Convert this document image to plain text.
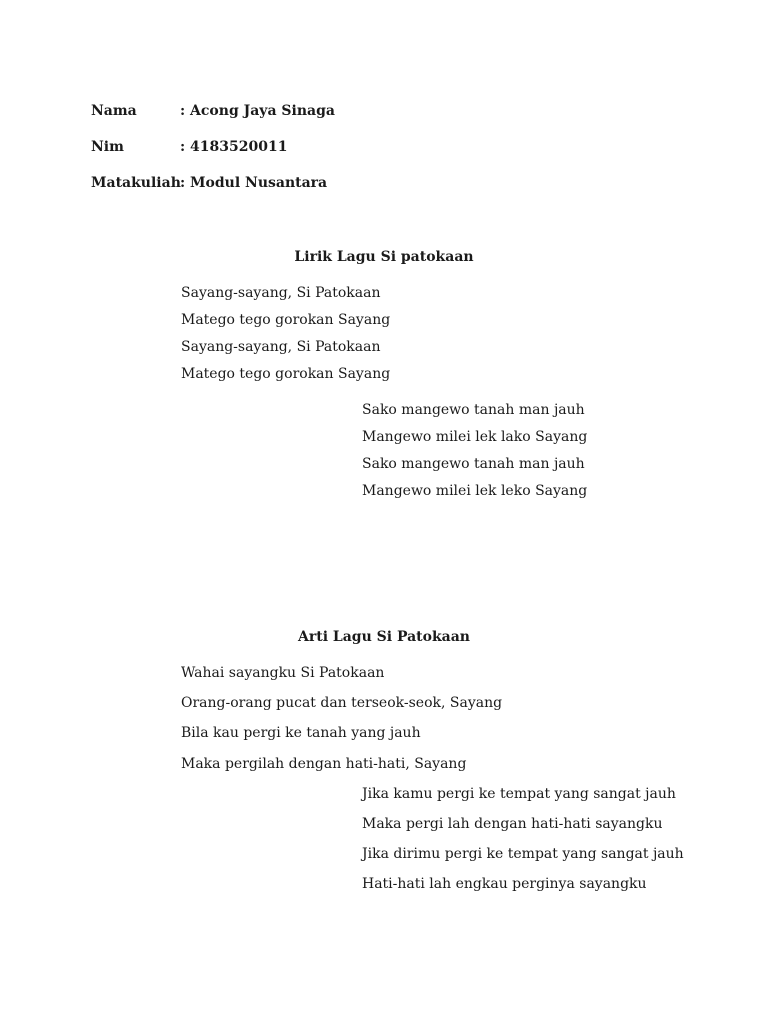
Nama	: Acong Jaya Sinaga
Nim	: 4183520011
Matakuliah : Modul Nusantara
Lirik Lagu Si patokaan
Sayang-sayang, Si Patokaan
Matego tego gorokan Sayang
Sayang-sayang, Si Patokaan
Matego tego gorokan Sayang
Sako mangewo tanah man jauh
Mangewo milei lek lako Sayang
Sako mangewo tanah man jauh
Mangewo milei lek leko Sayang
Arti Lagu Si Patokaan
Wahai sayangku Si Patokaan
Orang-orang pucat dan terseok-seok, Sayang
Bila kau pergi ke tanah yang jauh
Maka pergilah dengan hati-hati, Sayang
Jika kamu pergi ke tempat yang sangat jauh
Maka pergi lah dengan hati-hati sayangku
Jika dirimu pergi ke tempat yang sangat jauh
Hati-hati lah engkau perginya sayangku
